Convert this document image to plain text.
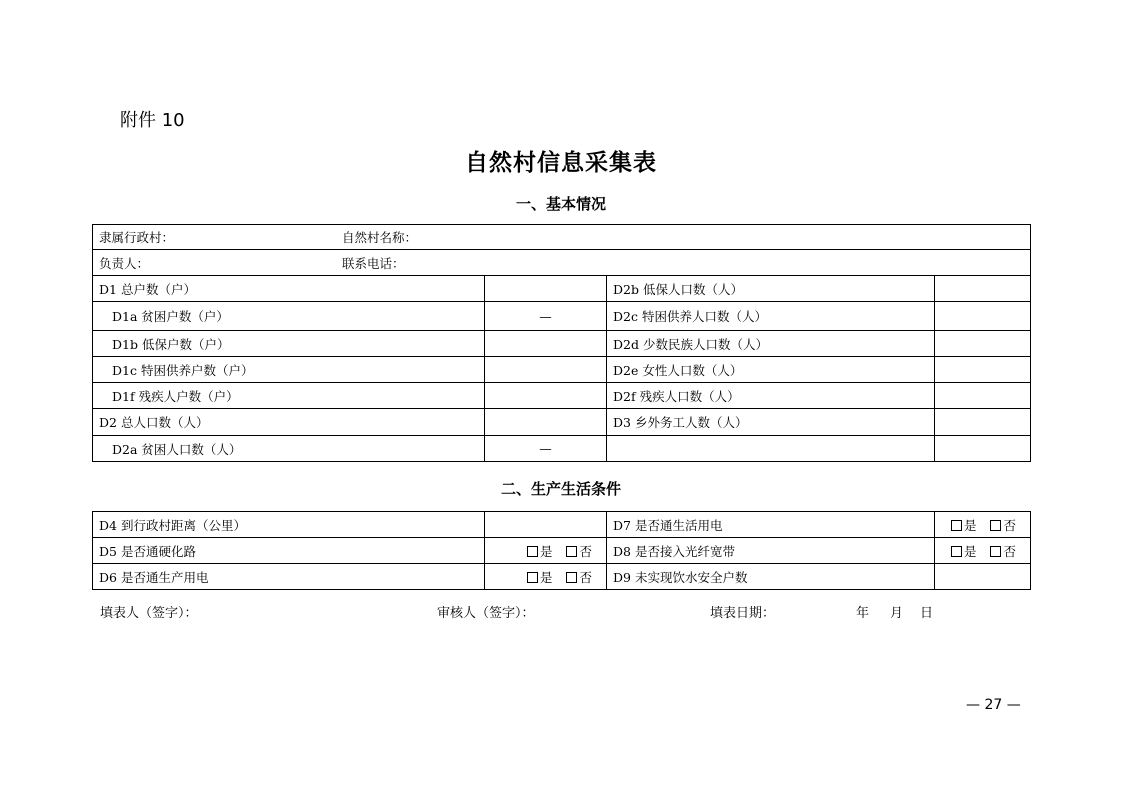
附件 10
自然村信息采集表
一、基本情况
隶属行政村： 自然村名称：			

负责人： 联系电话：			

D1 总户数（户）		D2b 低保人口数（人）	
D1a 贫困户数（户）	—	D2c 特困供养人口数（人）	
D1b 低保户数（户）		D2d 少数民族人口数（人）	
D1c 特困供养户数（户）		D2e 女性人口数（人）	
D1f 残疾人户数（户）		D2f 残疾人口数（人）	
D2 总人口数（人）		D3 乡外务工人数（人）	
D2a 贫困人口数（人）	—		
二、生产生活条件
D4 到行政村距离（公里）		D7 是否通生活用电	是 否

D5 是否通硬化路	是 否	D8 是否接入光纤宽带	是 否

D6 是否通生产用电	是 否	D9 未实现饮水安全户数	
填表人（签字）：	审核人（签字）：	填表日期：	年 月 日
— 27 —
